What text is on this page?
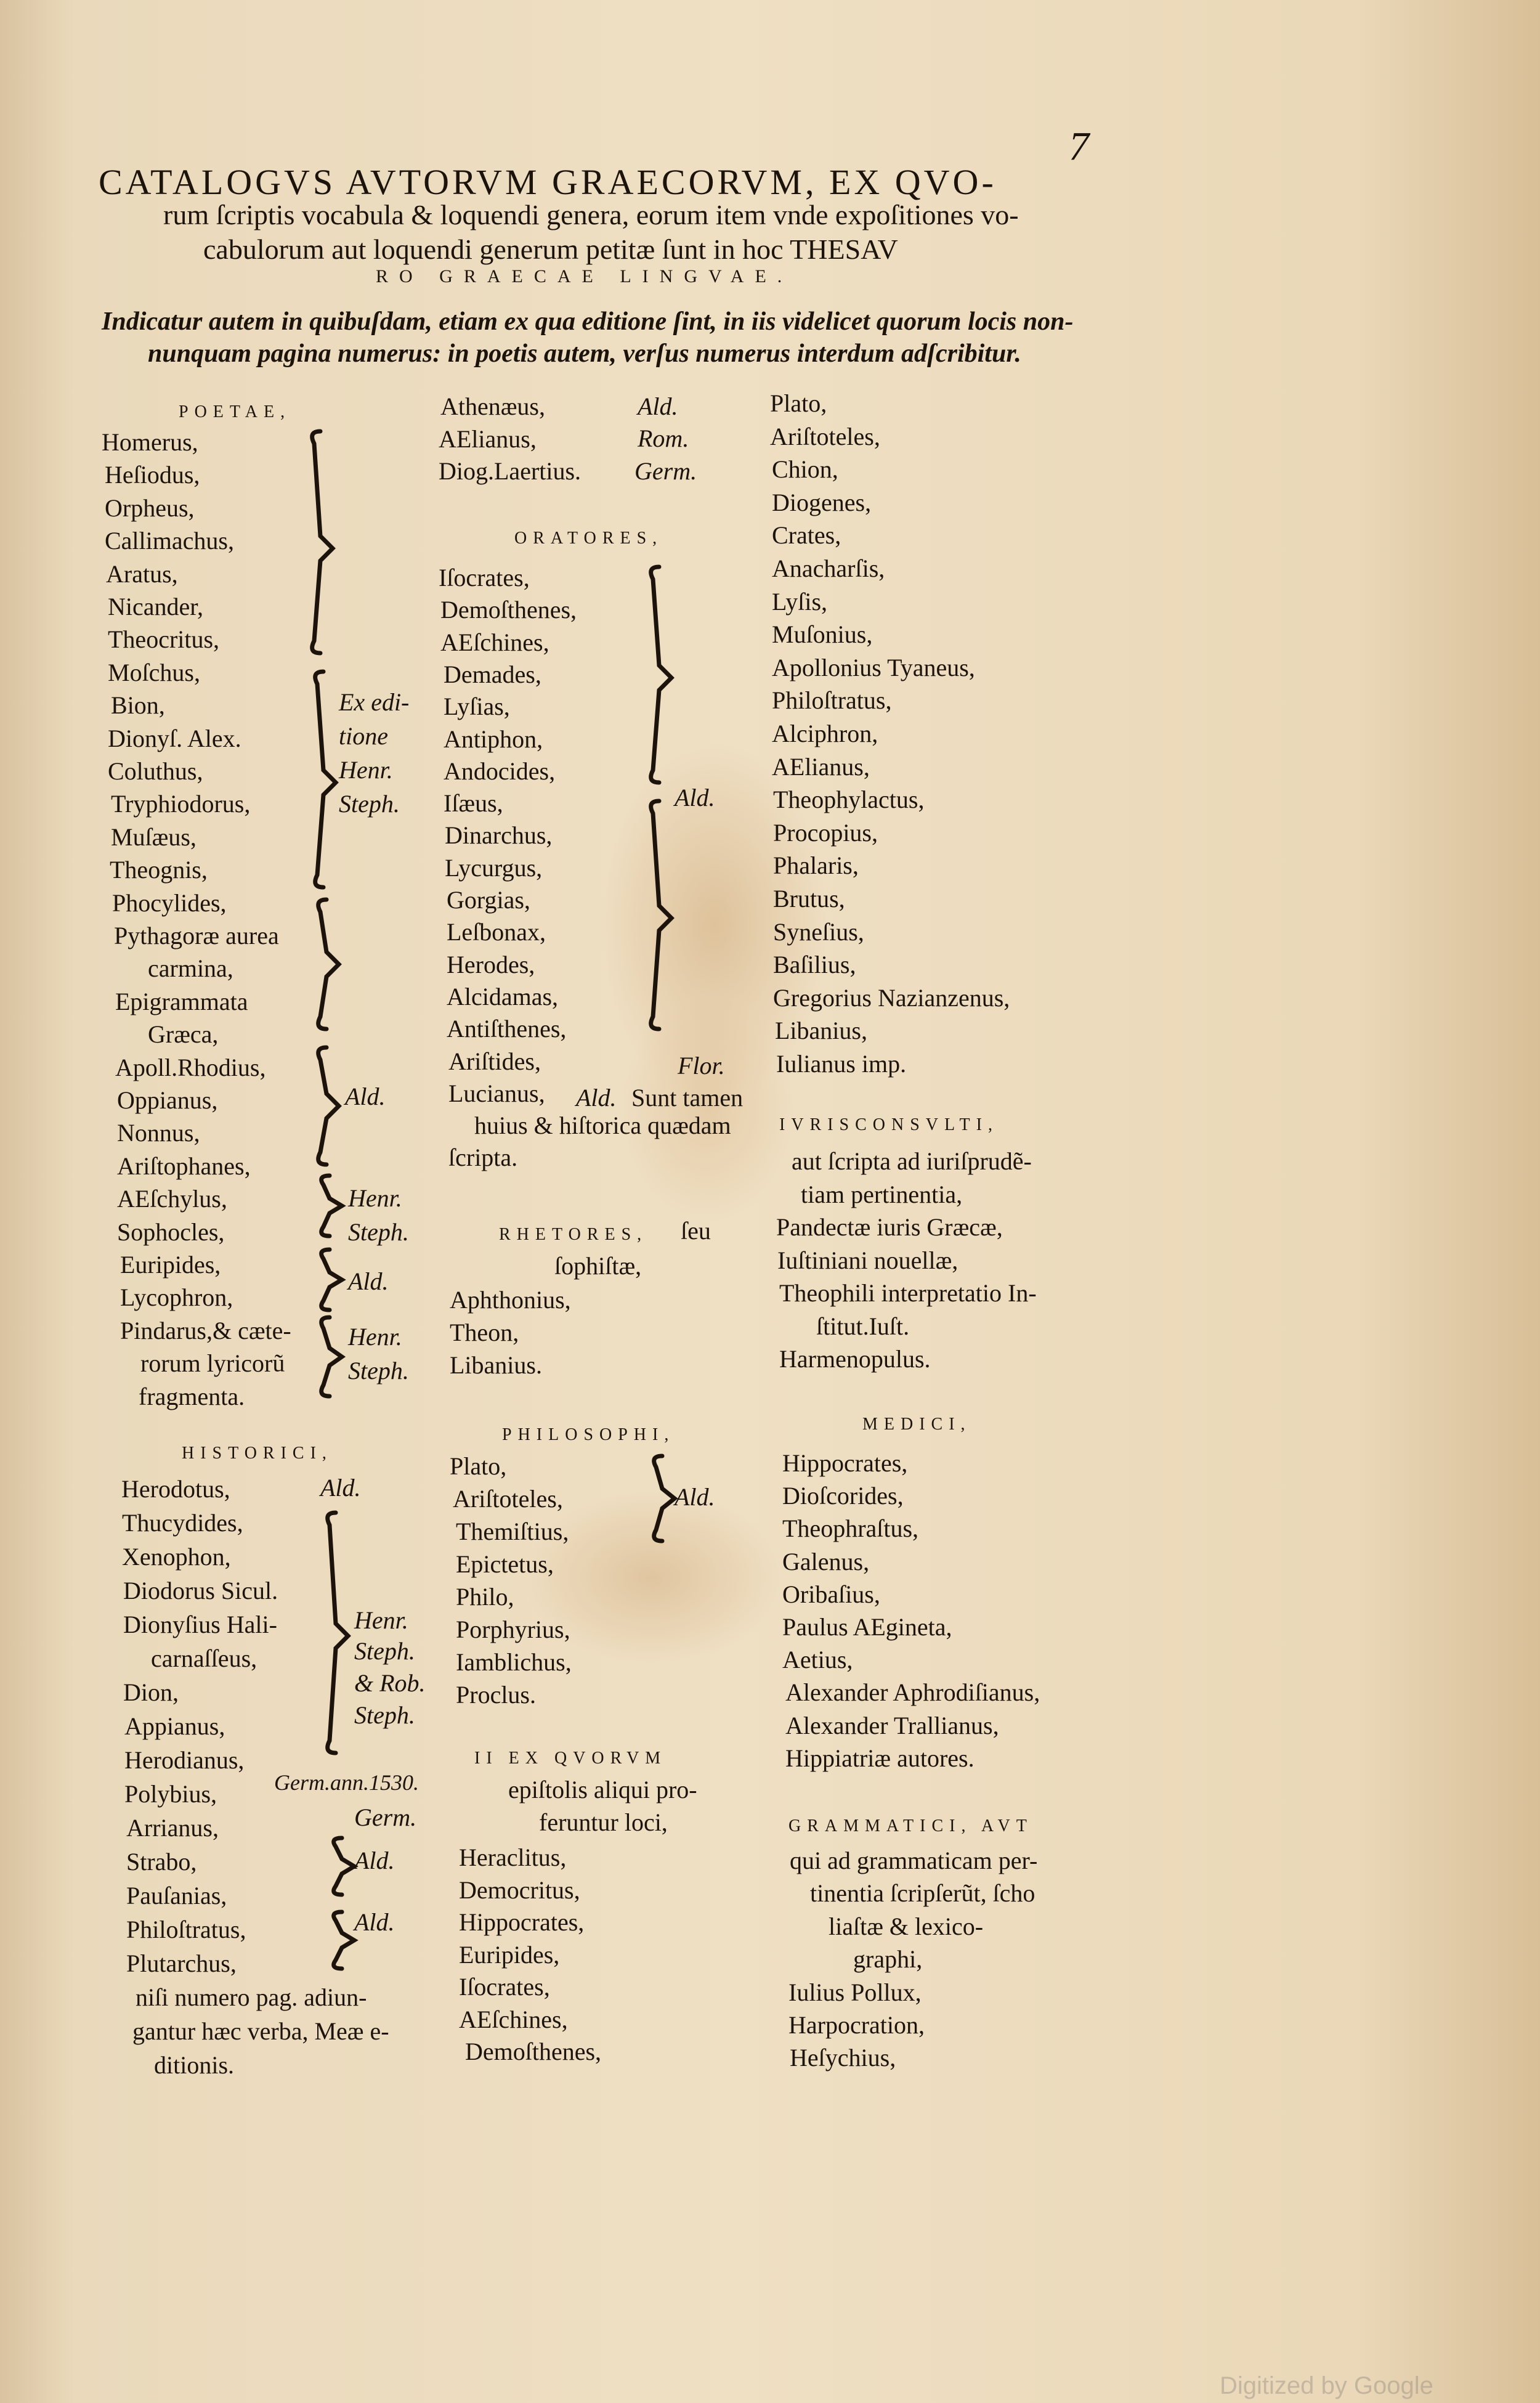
7
CATALOGVS AVTORVM GRAECORVM, EX QVO-
rum ſcriptis vocabula & loquendi genera, eorum item vnde expoſitiones vo-
cabulorum aut loquendi generum petitæ ſunt in hoc THESAV
RO GRAECAE LINGVAE.
Indicatur autem in quibuſdam, etiam ex qua editione ſint, in iis videlicet quorum locis non-
nunquam pagina numerus: in poetis autem, verſus numerus interdum adſcribitur.
POETAE,
Homerus,
Heſiodus,
Orpheus,
Callimachus,
Aratus,
Nicander,
Theocritus,
Moſchus,
Bion,
Dionyſ. Alex.
Coluthus,
Tryphiodorus,
Muſæus,
Theognis,
Phocylides,
Pythagoræ aurea
carmina,
Epigrammata
Græca,
Apoll.Rhodius,
Oppianus,
Nonnus,
Ariſtophanes,
AEſchylus,
Sophocles,
Euripides,
Lycophron,
Pindarus,& cæte-
rorum lyricorũ
fragmenta.
Ex edi-
tione
Henr.
Steph.
Ald.
Henr.
Steph.
Ald.
Henr.
Steph.
HISTORICI,
Herodotus,
Thucydides,
Xenophon,
Diodorus Sicul.
Dionyſius Hali-
carnaſſeus,
Dion,
Appianus,
Herodianus,
Polybius,
Arrianus,
Strabo,
Pauſanias,
Philoſtratus,
Plutarchus,
niſi numero pag. adiun-
gantur hæc verba, Meæ e-
ditionis.
Ald.
Henr.
Steph.
& Rob.
Steph.
Germ.ann.1530.
Germ.
Ald.
Ald.
Athenæus,
AElianus,
Diog.Laertius.
Ald.
Rom.
Germ.
ORATORES,
Iſocrates,
Demoſthenes,
AEſchines,
Demades,
Lyſias,
Antiphon,
Andocides,
Iſæus,
Dinarchus,
Lycurgus,
Gorgias,
Leſbonax,
Herodes,
Alcidamas,
Antiſthenes,
Ariſtides,
Lucianus,
huius & hiſtorica quædam
ſcripta.
Ald.
Flor.
Ald. Sunt tamen
RHETORES, ſeu
ſophiſtæ,
Aphthonius,
Theon,
Libanius.
PHILOSOPHI,
Plato,
Ariſtoteles,
Themiſtius,
Epictetus,
Philo,
Porphyrius,
Iamblichus,
Proclus.
Ald.
II EX QVORVM
epiſtolis aliqui pro-
feruntur loci,
Heraclitus,
Democritus,
Hippocrates,
Euripides,
Iſocrates,
AEſchines,
Demoſthenes,
Plato,
Ariſtoteles,
Chion,
Diogenes,
Crates,
Anacharſis,
Lyſis,
Muſonius,
Apollonius Tyaneus,
Philoſtratus,
Alciphron,
AElianus,
Theophylactus,
Procopius,
Phalaris,
Brutus,
Syneſius,
Baſilius,
Gregorius Nazianzenus,
Libanius,
Iulianus imp.
IVRISCONSVLTI,
aut ſcripta ad iuriſprudẽ-
tiam pertinentia,
Pandectæ iuris Græcæ,
Iuſtiniani nouellæ,
Theophili interpretatio In-
ſtitut.Iuſt.
Harmenopulus.
MEDICI,
Hippocrates,
Dioſcorides,
Theophraſtus,
Galenus,
Oribaſius,
Paulus AEgineta,
Aetius,
Alexander Aphrodiſianus,
Alexander Trallianus,
Hippiatriæ autores.
GRAMMATICI, AVT
qui ad grammaticam per-
tinentia ſcripſerũt, ſcho
liaſtæ & lexico-
graphi,
Iulius Pollux,
Harpocration,
Heſychius,
Digitized by Google
